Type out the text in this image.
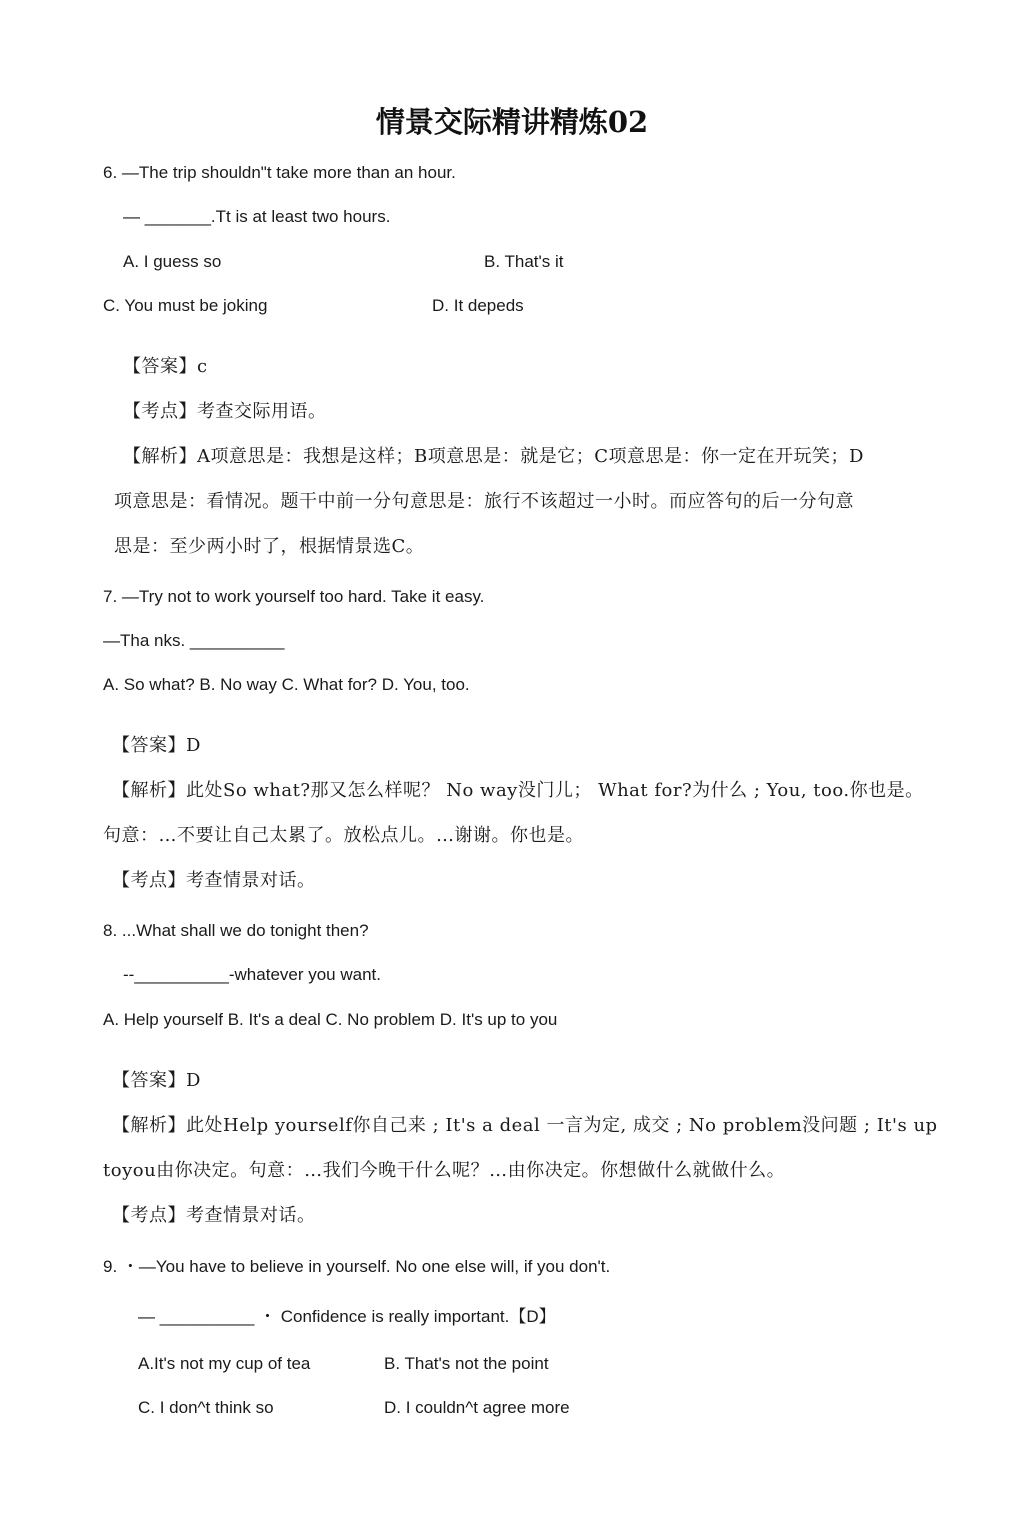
情景交际精讲精炼02
6. —The trip shouldn"t take more than an hour.
— _______.Tt is at least two hours.
A. I guess so	B. That's it
C. You must be joking	D. It depeds
【答案】c
【考点】考查交际用语。
【解析】A项意思是：我想是这样；B项意思是：就是它；C项意思是：你一定在开玩笑；D
项意思是：看情况。题干中前一分句意思是：旅行不该超过一小时。而应答句的后一分句意
思是：至少两小时了，根据情景选C。
7. —Try not to work yourself too hard. Take it easy.
—Tha nks. __________
A. So what? B. No way C. What for? D. You, too.
【答案】D
【解析】此处So what?那又怎么样呢？ No way没门儿； What for?为什么 ; You, too.你也是。
句意：…不要让自己太累了。放松点儿。…谢谢。你也是。
【考点】考查情景对话。
8. ...What shall we do tonight then?
--__________-whatever you want.
A. Help yourself B. It's a deal C. No problem D. It's up to you
【答案】D
【解析】此处Help yourself你自己来 ; It's a deal 一言为定, 成交 ; No problem没问题 ; It's up
toyou由你决定。句意：…我们今晚干什么呢？…由你决定。你想做什么就做什么。
【考点】考查情景对话。
9. ・—You have to believe in yourself. No one else will, if you don't.
— __________ ・ Confidence is really important.【D】
A.It's not my cup of tea	B. That's not the point
C. I don^t think so	D. I couldn^t agree more
